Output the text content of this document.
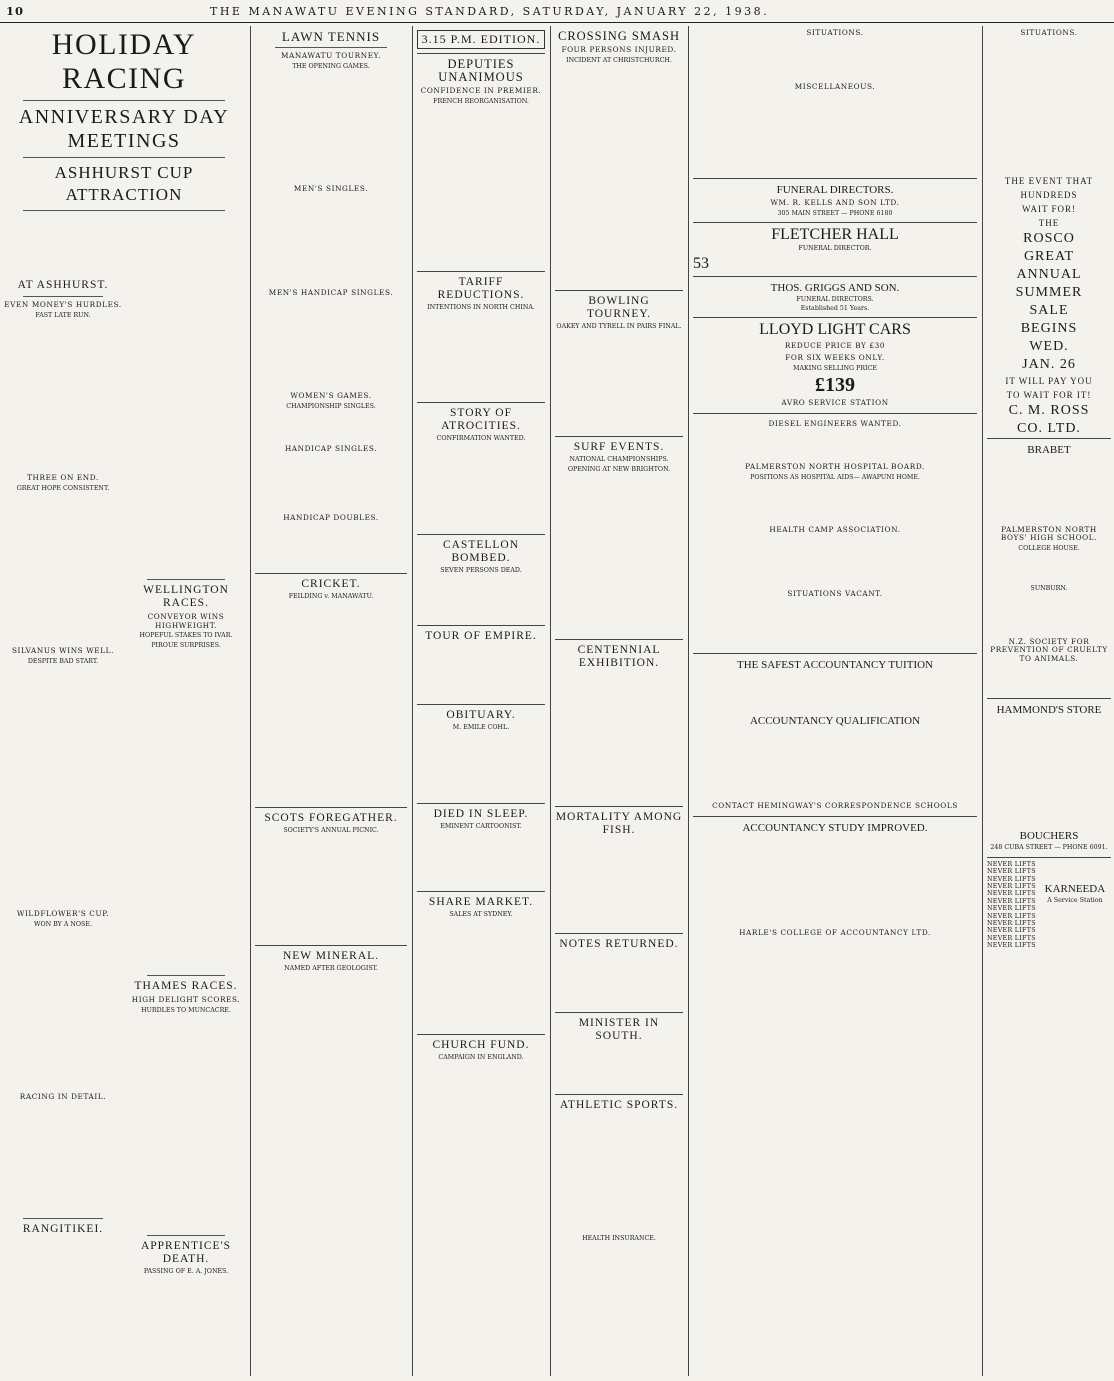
10	THE MANAWATU EVENING STANDARD, SATURDAY, JANUARY 22, 1938.
HOLIDAY RACING
ANNIVERSARY DAY MEETINGS
ASHHURST CUP ATTRACTION
AT ASHHURST.
EVEN MONEY'S HURDLES.
FAST LATE RUN.
THREE ON END.
GREAT HOPE CONSISTENT.
SILVANUS WINS WELL.
DESPITE BAD START.
WILDFLOWER'S CUP.
WON BY A NOSE.
RACING IN DETAIL.
RANGITIKEI.
WELLINGTON RACES.
CONVEYOR WINS HIGHWEIGHT.
HOPEFUL STAKES TO IVAR.
PIROUE SURPRISES.
THAMES RACES.
HIGH DELIGHT SCORES.
HURDLES TO MUNCACRE.
APPRENTICE'S DEATH.
PASSING OF E. A. JONES.
LAWN TENNIS
MANAWATU TOURNEY.
THE OPENING GAMES.
MEN'S SINGLES.
MEN'S HANDICAP SINGLES.
WOMEN'S GAMES.
CHAMPIONSHIP SINGLES.
HANDICAP SINGLES.
HANDICAP DOUBLES.
CRICKET.
FEILDING v. MANAWATU.
SCOTS FOREGATHER.
SOCIETY'S ANNUAL PICNIC.
NEW MINERAL.
NAMED AFTER GEOLOGIST.
3.15 P.M. EDITION.
DEPUTIES UNANIMOUS
CONFIDENCE IN PREMIER.
FRENCH REORGANISATION.
TARIFF REDUCTIONS.
INTENTIONS IN NORTH CHINA.
STORY OF ATROCITIES.
CONFIRMATION WANTED.
CASTELLON BOMBED.
SEVEN PERSONS DEAD.
TOUR OF EMPIRE.
OBITUARY.
M. EMILE COHL.
DIED IN SLEEP.
EMINENT CARTOONIST.
SHARE MARKET.
SALES AT SYDNEY.
CHURCH FUND.
CAMPAIGN IN ENGLAND.
CROSSING SMASH
FOUR PERSONS INJURED.
INCIDENT AT CHRISTCHURCH.
BOWLING TOURNEY.
OAKEY AND TYRELL IN PAIRS FINAL.
SURF EVENTS.
NATIONAL CHAMPIONSHIPS.
OPENING AT NEW BRIGHTON.
CENTENNIAL EXHIBITION.
MORTALITY AMONG FISH.
NOTES RETURNED.
MINISTER IN SOUTH.
ATHLETIC SPORTS.
HEALTH INSURANCE.
SITUATIONS.
MISCELLANEOUS.
FUNERAL DIRECTORS.
WM. R. KELLS AND SON LTD.
305 MAIN STREET — PHONE 6180
FLETCHER HALL
FUNERAL DIRECTOR.
53
THOS. GRIGGS AND SON.
FUNERAL DIRECTORS.
Established 51 Years.
LLOYD LIGHT CARS
REDUCE PRICE BY £30
FOR SIX WEEKS ONLY.
MAKING SELLING PRICE
£139
AVRO SERVICE STATION
DIESEL ENGINEERS WANTED.
PALMERSTON NORTH HOSPITAL BOARD.
POSITIONS AS HOSPITAL AIDS— AWAPUNI HOME.
HEALTH CAMP ASSOCIATION.
SITUATIONS VACANT.
THE SAFEST ACCOUNTANCY TUITION
ACCOUNTANCY QUALIFICATION
CONTACT HEMINGWAY'S CORRESPONDENCE SCHOOLS
ACCOUNTANCY STUDY IMPROVED.
HARLE'S COLLEGE OF ACCOUNTANCY LTD.
SITUATIONS.
THE EVENT THAT
HUNDREDS
WAIT FOR!
THE
ROSCO
GREAT
ANNUAL
SUMMER
SALE
BEGINS
WED.
JAN. 26
IT WILL PAY YOU
TO WAIT FOR IT!
C. M. ROSS
CO. LTD.
BRABET
PALMERSTON NORTH BOYS' HIGH SCHOOL.
COLLEGE HOUSE.
SUNBURN.
N.Z. SOCIETY FOR PREVENTION OF CRUELTY TO ANIMALS.
HAMMOND'S STORE
BOUCHERS
248 CUBA STREET — PHONE 6091.
NEVER LIFTS
NEVER LIFTS
NEVER LIFTS
NEVER LIFTS
NEVER LIFTS
NEVER LIFTS
NEVER LIFTS
NEVER LIFTS
NEVER LIFTS
NEVER LIFTS
NEVER LIFTS
NEVER LIFTS
KARNEEDA
A Service Station
